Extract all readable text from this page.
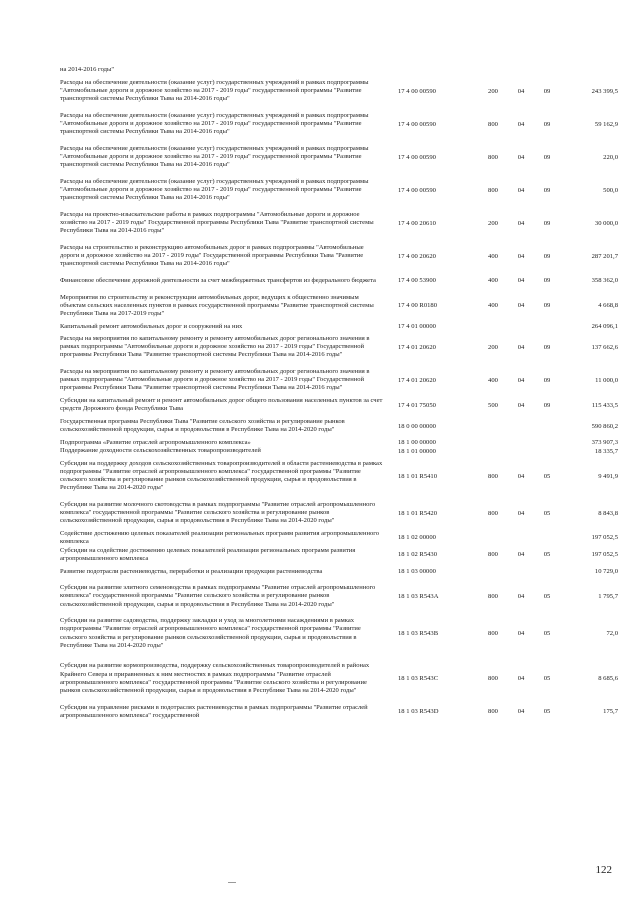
на 2014-2016 годы"
Расходы на обеспечение деятельности (оказание услуг) государственных учреждений в рамках подпрограммы "Автомобильные дороги и дорожное хозяйство на 2017 - 2019 годы" государственной программы "Развитие транспортной системы Республики Тыва на 2014-2016 годы"
17 4 00 00590	200	04	09	243 399,5
Расходы на обеспечение деятельности (оказание услуг) государственных учреждений в рамках подпрограммы "Автомобильные дороги и дорожное хозяйство на 2017 - 2019 годы" государственной программы "Развитие транспортной системы Республики Тыва на 2014-2016 годы"
17 4 00 00590	800	04	09	59 162,9
Расходы на обеспечение деятельности (оказание услуг) государственных учреждений в рамках подпрограммы "Автомобильные дороги и дорожное хозяйство на 2017 - 2019 годы" государственной программы "Развитие транспортной системы Республики Тыва на 2014-2016 годы"
17 4 00 00590	800	04	09	220,0
Расходы на обеспечение деятельности (оказание услуг) государственных учреждений в рамках подпрограммы "Автомобильные дороги и дорожное хозяйство на 2017 - 2019 годы" государственной программы "Развитие транспортной системы Республики Тыва на 2014-2016 годы"
17 4 00 00590	800	04	09	500,0
Расходы на проектно-изыскательские работы в рамках подпрограммы "Автомобильные дороги и дорожное хозяйство на 2017 - 2019 годы" Государственной программы Республики Тыва "Развитие транспортной системы Республики Тыва на 2014-2016 годы"
17 4 00 20610	200	04	09	30 000,0
Расходы на строительство и реконструкцию автомобильных дорог в рамках подпрограммы "Автомобильные дороги и дорожное хозяйство на 2017 - 2019 годы" Государственной программы Республики Тыва "Развитие транспортной системы Республики Тыва на 2014-2016 годы"
17 4 00 20620	400	04	09	287 201,7
Финансовое обеспечение дорожной деятельности за счет межбюджетных трансфертов из федерального бюджета	17 4 00 53900	400	04	09	358 362,0
Мероприятия по строительству и реконструкции автомобильных дорог, ведущих к общественно значимым объектам сельских населенных пунктов в рамках государственной программы "Развитие транспортной системы Республики Тыва на 2017-2019 годы"
17 4 00 R0180	400	04	09	4 668,8
Капитальный ремонт автомобильных дорог и сооружений на них	17 4 01 00000	264 096,1
Расходы на мероприятия по капитальному ремонту и ремонту автомобильных дорог регионального значения в рамках подпрограммы "Автомобильные дороги и дорожное хозяйство на 2017 - 2019 годы" Государственной программы Республики Тыва "Развитие транспортной системы Республики Тыва на 2014-2016 годы"
17 4 01 20620	200	04	09	137 662,6
Расходы на мероприятия по капитальному ремонту и ремонту автомобильных дорог регионального значения в рамках подпрограммы "Автомобильные дороги и дорожное хозяйство на 2017 - 2019 годы" Государственной программы Республики Тыва "Развитие транспортной системы Республики Тыва на 2014-2016 годы"
17 4 01 20620	400	04	09	11 000,0
Субсидии на капитальный ремонт и ремонт автомобильных дорог общего пользования населенных пунктов за счет средств Дорожного фонда Республики Тыва	17 4 01 75050	500	04	09	115 433,5
Государственная программа Республики Тыва "Развитие сельского хозяйства и регулирование рынков сельскохозяйственной продукции, сырья и продовольствия в Республике Тыва на 2014-2020 годы"	18 0 00 00000	590 860,2
Подпрограмма «Развитие отраслей агропромышленного комплекса»	18 1 00 00000	373 907,3
Поддержание доходности сельскохозяйственных товаропроизводителей	18 1 01 00000	18 335,7
Субсидии на поддержку доходов сельскохозяйственных товаропроизводителей в области растениеводства в рамках подпрограммы "Развитие отраслей агропромышленного комплекса" государственной программы "Развитие сельского хозяйства и регулирование рынков сельскохозяйственной продукции, сырья и продовольствия в Республике Тыва на 2014-2020 годы"
18 1 01 R5410	800	04	05	9 491,9
Субсидии на развитие молочного скотоводства в рамках подпрограммы "Развитие отраслей агропромышленного комплекса" государственной программы "Развитие сельского хозяйства и регулирование рынков сельскохозяйственной продукции, сырья и продовольствия в Республике Тыва на 2014-2020 годы"
18 1 01 R5420	800	04	05	8 843,8
Содействие достижению целевых показателей реализации региональных программ развития агропромышленного комплекса	18 1 02 00000	197 052,5
Субсидии на содействие достижению целевых показателей реализации региональных программ развития агропромышленного комплекса	18 1 02 R5430	800	04	05	197 052,5
Развитие подотрасли растениеводства, переработки и реализации продукции растениеводства	18 1 03 00000	10 729,0
Субсидии на развитие элитного семеноводства в рамках подпрограммы "Развитие отраслей агропромышленного комплекса" государственной программы "Развитие сельского хозяйства и регулирование рынков сельскохозяйственной продукции, сырья и продовольствия в Республике Тыва на 2014-2020 годы"
18 1 03 R543A	800	04	05	1 795,7
Субсидии на развитие садоводства, поддержку закладки и уход за многолетними насаждениями в рамках подпрограммы "Развитие отраслей агропромышленного комплекса" государственной программы "Развитие сельского хозяйства и регулирование рынков сельскохозяйственной продукции, сырья и продовольствия в Республике Тыва на 2014-2020 годы"
18 1 03 R543B	800	04	05	72,0
Субсидии на развитие кормопроизводства, поддержку сельскохозяйственных товаропроизводителей в районах Крайнего Севера и приравненных к ним местностях в рамках подпрограммы "Развитие отраслей агропромышленного комплекса" государственной программы "Развитие сельского хозяйства и регулирование рынков сельскохозяйственной продукции, сырья и продовольствия в Республике Тыва на 2014-2020 годы"
18 1 03 R543C	800	04	05	8 685,6
Субсидии на управление рисками в подотраслях растениеводства в рамках подпрограммы "Развитие отраслей агропромышленного комплекса" государственной	18 1 03 R543D	800	04	05	175,7
122
